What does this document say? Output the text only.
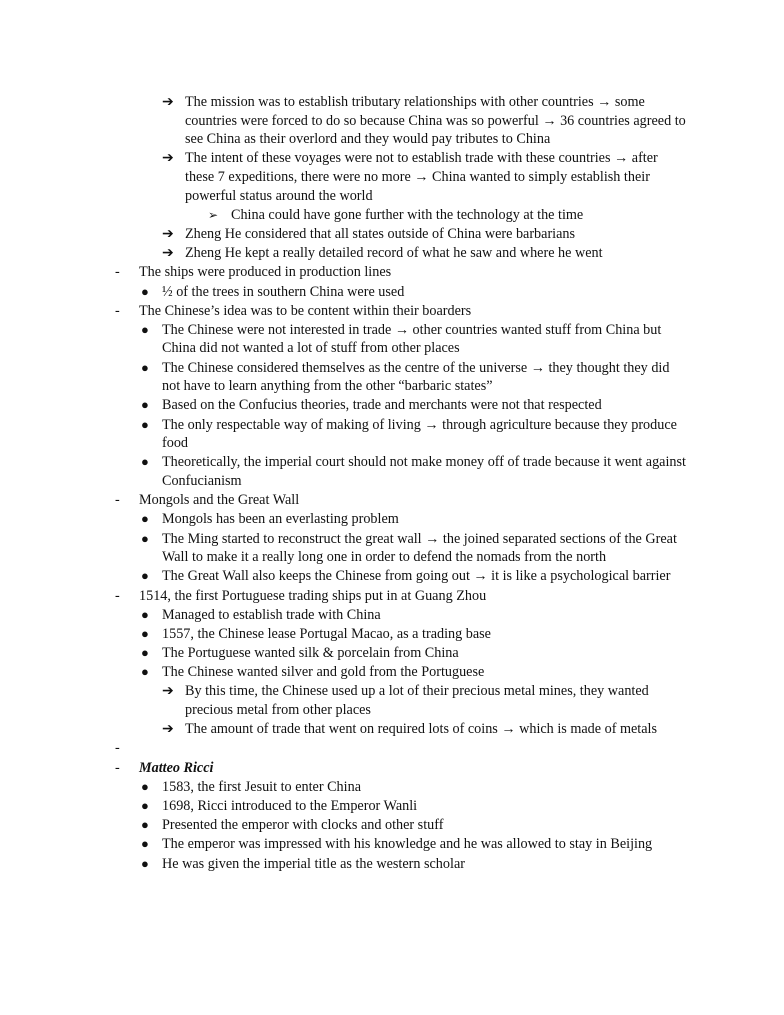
➔ The mission was to establish tributary relationships with other countries → some countries were forced to do so because China was so powerful → 36 countries agreed to see China as their overlord and they would pay tributes to China
➔ The intent of these voyages were not to establish trade with these countries → after these 7 expeditions, there were no more → China wanted to simply establish their powerful status around the world
➢ China could have gone further with the technology at the time
➔ Zheng He considered that all states outside of China were barbarians
➔ Zheng He kept a really detailed record of what he saw and where he went
- The ships were produced in production lines
● ½ of the trees in southern China were used
- The Chinese’s idea was to be content within their boarders
● The Chinese were not interested in trade → other countries wanted stuff from China but China did not wanted a lot of stuff from other places
● The Chinese considered themselves as the centre of the universe → they thought they did not have to learn anything from the other “barbaric states”
● Based on the Confucius theories, trade and merchants were not that respected
● The only respectable way of making of living → through agriculture because they produce food
● Theoretically, the imperial court should not make money off of trade because it went against Confucianism
- Mongols and the Great Wall
● Mongols has been an everlasting problem
● The Ming started to reconstruct the great wall → the joined separated sections of the Great Wall to make it a really long one in order to defend the nomads from the north
● The Great Wall also keeps the Chinese from going out → it is like a psychological barrier
- 1514, the first Portuguese trading ships put in at Guang Zhou
● Managed to establish trade with China
● 1557, the Chinese lease Portugal Macao, as a trading base
● The Portuguese wanted silk & porcelain from China
● The Chinese wanted silver and gold from the Portuguese
➔ By this time, the Chinese used up a lot of their precious metal mines, they wanted precious metal from other places
➔ The amount of trade that went on required lots of coins → which is made of metals
-

- Matteo Ricci
● 1583, the first Jesuit to enter China
● 1698, Ricci introduced to the Emperor Wanli
● Presented the emperor with clocks and other stuff
● The emperor was impressed with his knowledge and he was allowed to stay in Beijing
● He was given the imperial title as the western scholar
